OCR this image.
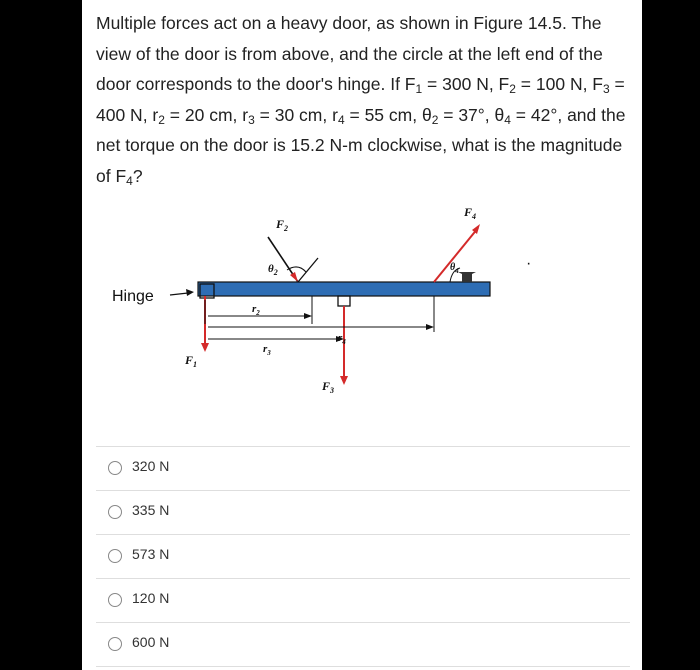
Multiple forces act on a heavy door, as shown in Figure 14.5. The view of the door is from above, and the circle at the left end of the door corresponds to the door's hinge. If $F_1 = 300$ N, $F_2 = 100$ N, $F_3 = 400$ N, $r_2 = 20$ cm, $r_3 = 30$ cm, $r_4 = 55$ cm, $\theta_2 = 37^\circ$, $\theta_4 = 42^\circ$, and the net torque on the door is 15.2 N-m clockwise, what is the magnitude of $F_4$?
Hinge
$F_2$
$\theta_2$
$F_4$
$\theta_4$	·
$F_1$
$F_3$
$r_2$
$r_3$
$r_4$
320 N
335 N
573 N
120 N
600 N
